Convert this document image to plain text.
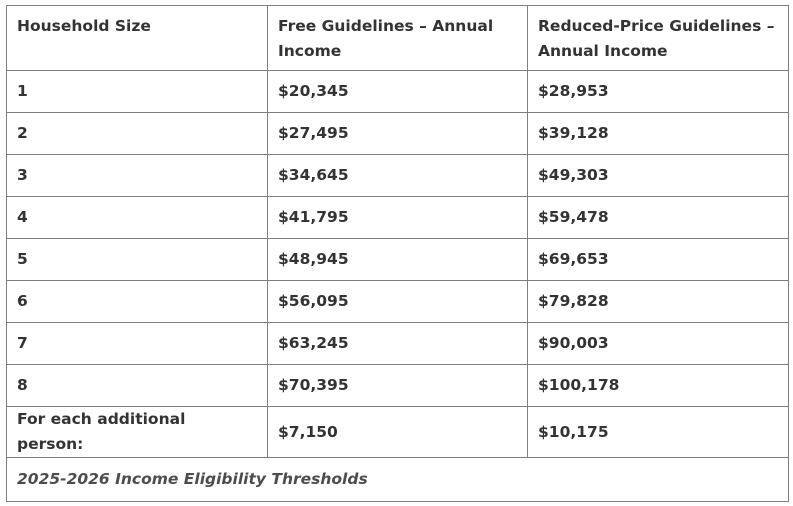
Household Size	Free Guidelines – Annual Income	Reduced-Price Guidelines – Annual Income
1	$20,345	$28,953
2	$27,495	$39,128
3	$34,645	$49,303
4	$41,795	$59,478
5	$48,945	$69,653
6	$56,095	$79,828
7	$63,245	$90,003
8	$70,395	$100,178
For each additional person:	$7,150	$10,175
2025-2026 Income Eligibility Thresholds		
